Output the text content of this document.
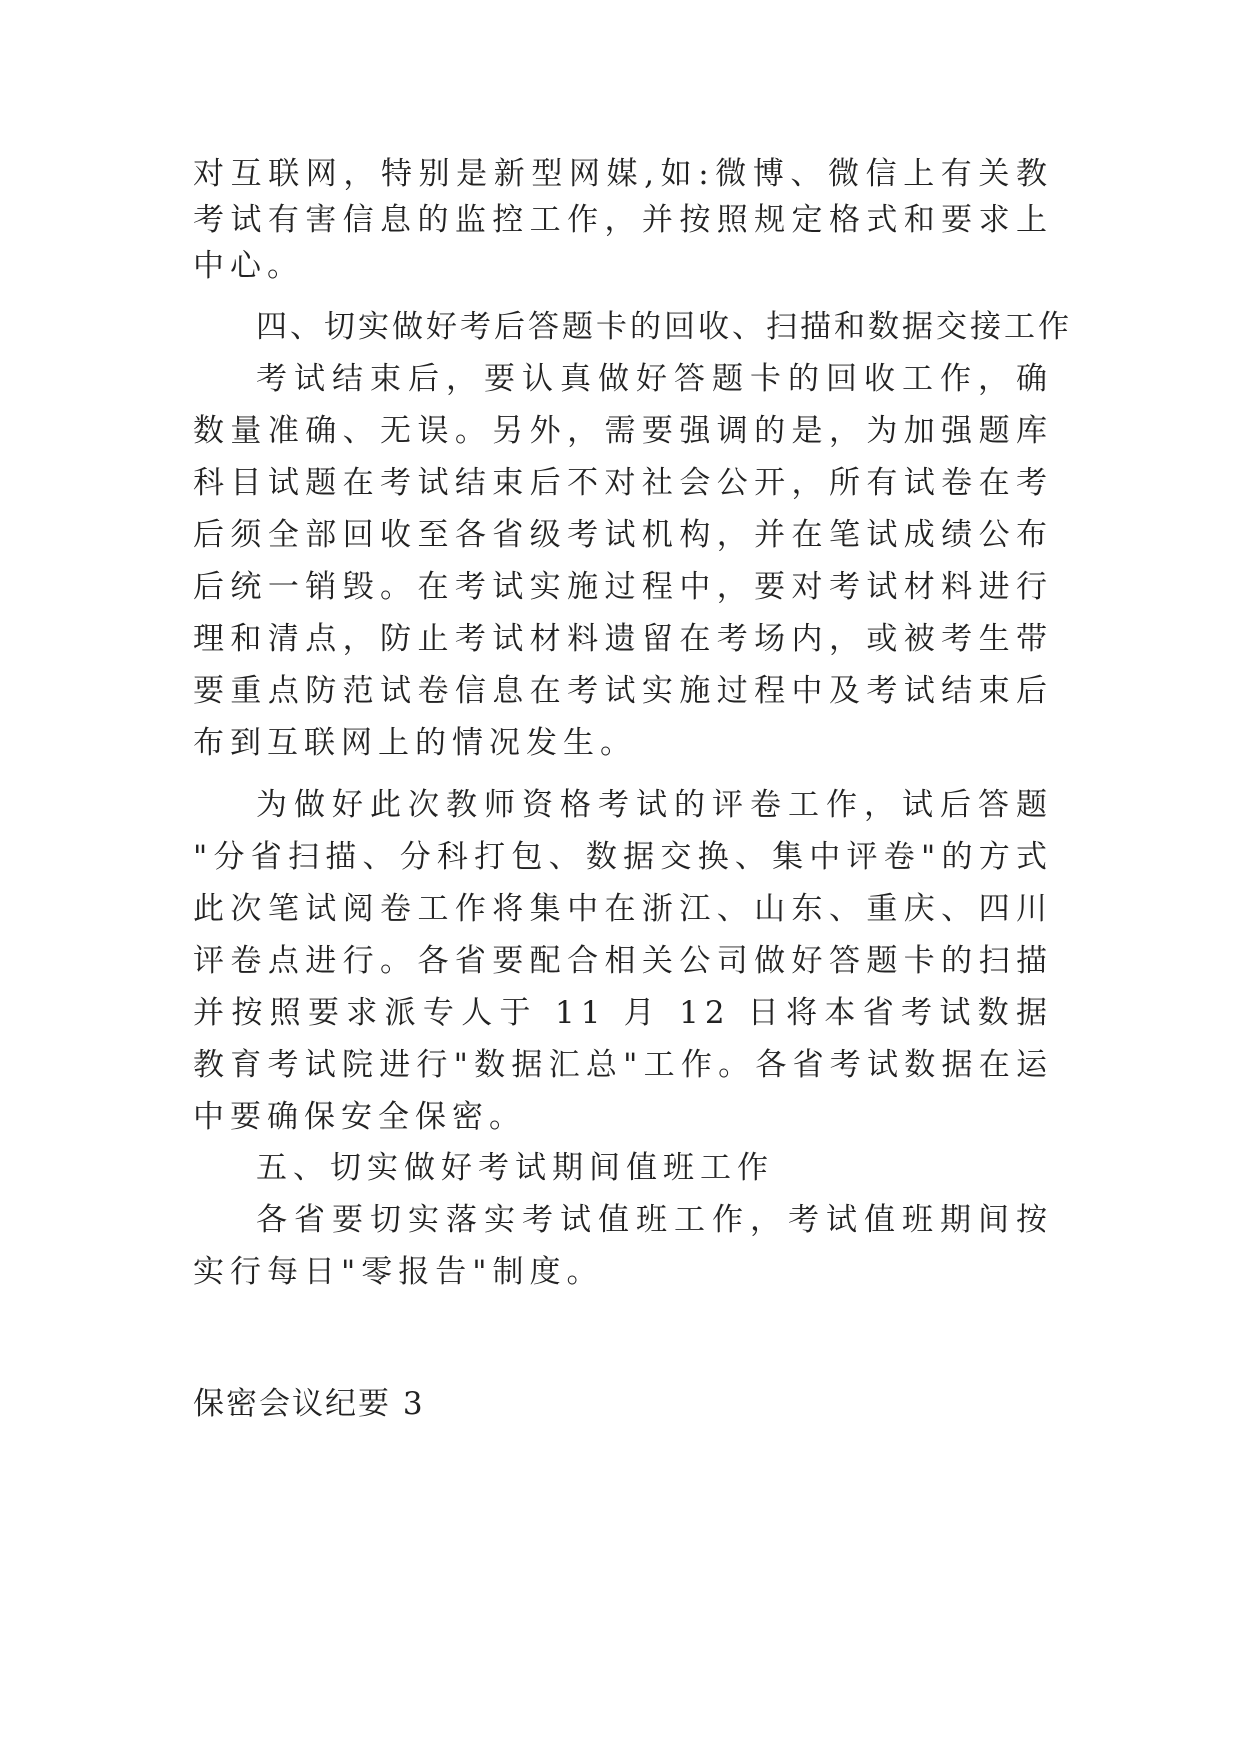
对互联网，特别是新型网媒,如:微博、微信上有关教
考试有害信息的监控工作，并按照规定格式和要求上
中心。
四、切实做好考后答题卡的回收、扫描和数据交接工作
考试结束后，要认真做好答题卡的回收工作，确
数量准确、无误。另外，需要强调的是，为加强题库
科目试题在考试结束后不对社会公开，所有试卷在考
后须全部回收至各省级考试机构，并在笔试成绩公布
后统一销毁。在考试实施过程中，要对考试材料进行
理和清点，防止考试材料遗留在考场内，或被考生带
要重点防范试卷信息在考试实施过程中及考试结束后
布到互联网上的情况发生。
为做好此次教师资格考试的评卷工作，试后答题
"分省扫描、分科打包、数据交换、集中评卷"的方式
此次笔试阅卷工作将集中在浙江、山东、重庆、四川
评卷点进行。各省要配合相关公司做好答题卡的扫描
并按照要求派专人于 11 月 12 日将本省考试数据
教育考试院进行"数据汇总"工作。各省考试数据在运
中要确保安全保密。
五、切实做好考试期间值班工作
各省要切实落实考试值班工作，考试值班期间按
实行每日"零报告"制度。
保密会议纪要 3
